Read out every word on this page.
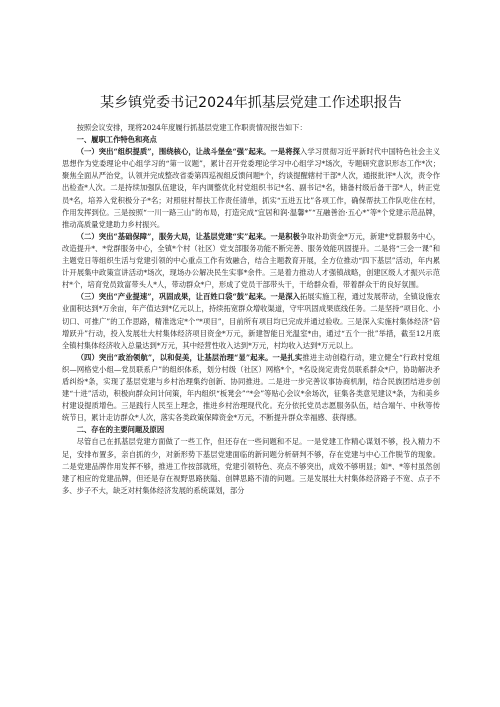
某乡镇党委书记2024年抓基层党建工作述职报告

按照会议安排，现将2024年度履行抓基层党建工作职责情况报告如下：

一、履职工作特色和亮点

（一）突出“组织提质”，围绕核心，让战斗堡垒“强”起来。一是将探入学习贯彻习近平新时代中国特色社会主义思想作为党委理论中心组学习的“第一议题”，累计召开党委理论学习中心组学习*场次，专题研究意识形态工作*次；聚焦全面从严治党，认领并完成整改省委第四巡视组反馈问题*个，约谈提醒辖村干部*人次，通报批评*人次，责令作出检查*人次。二是持续加强队伍建设，年内调整优化村党组织书记*名、副书记*名，储备村级后备干部*人，转正党员*名，培养入党积极分子*名；对照驻村帮扶工作责任清单，抓实“五进五比”各项工作，确保帮扶工作队吃住在村，作用发挥到位。三是按照“一川一路三山”的布局，打造完成“宜居和润·温馨*”“互融善治·五心*”等*个党建示范品牌，推动高质量党建助力乡村振兴。

（二）突出“基础保障”，服务大局，让基层党建“实”起来。一是积极争取补助资金*万元，新建*党群服务中心，改造提升*、*党群服务中心，全镇*个村（社区）党支部服务功能不断完善、服务效能巩固提升。二是将“三会一课”和主题党日等组织生活与党建引领的中心重点工作有效融合，结合主题教育开展，全方位推动“四下基层”活动，年内累计开展集中政策宣讲活动*场次，现场办公解决民生实事*余件。三是着力推动人才强镇战略，创建区级人才振兴示范村*个，培育党员致富带头人*人，带动群众*户，形成了党员干部带头干，干给群众看，带着群众干的良好氛围。

（三）突出“产业提速”，巩固成果，让百姓口袋“鼓”起来。一是深入拓展实施工程，通过发展带动，全镇设施农业面积达到*万余亩，年产值达到*亿元以上，持续拓宽群众增收渠道，守牢巩固成果底线任务。二是坚持“项目化、小切口、可推广”的工作思路，精准选定*个“*项目”，目前所有项目均已完成并通过验收。三是深入实施村集体经济“倍增跃升”行动，投入发展壮大村集体经济项目资金*万元，新建智能日光温室*由，通过“五个一批”举措，截至12月底全镇村集体经济收入总量达到*万元，其中经营性收入达到*万元，村均收入达到*万元以上。

（四）突出“政治领航”，以和促美，让基层治理“显”起来。一是扎实推进主动创稳行动，建立健全“行政村党组织—网格党小组—党员联系户”的组织体系，划分村级（社区）网格*个，*名设岗定责党员联系群众*户，协助解决矛盾纠纷*条，实现了基层党建与乡村治理集约创新、协同推进。二是进一步完善议事协商机制，结合民族团结进步创建“十进”活动，积极向群众问计问策，年内组织“板凳会”“*会”等贴心会议*余场次，征集各类意见建议*条，为和美乡村建设提质增色。三是践行人民至上理念，推进乡村治理现代化。充分依托党员志愿服务队伍，结合端午、中秋等传统节日，累计走访群众*人次，落实各类政策保障资金*万元，不断提升群众幸福感、获得感。

二、存在的主要问题及原因

尽管自己在抓基层党建方面做了一些工作，但还存在一些问题和不足。一是党建工作精心谋划不够，投入精力不足，安排布置多，亲自抓的少，对新形势下基层党建面临的新问题分析研判不够，存在党建与中心工作脱节的现象。二是党建品牌作用发挥不够，推进工作按部就班，党建引领特色、亮点不够突出，成效不够明显；如*、*等村虽然创建了相应的党建品牌，但还是存在视野思路狭隘、创牌思路不清的问题。三是发展壮大村集体经济路子不宽、点子不多、步子不大，缺乏对村集体经济发展的系统谋划，部分
